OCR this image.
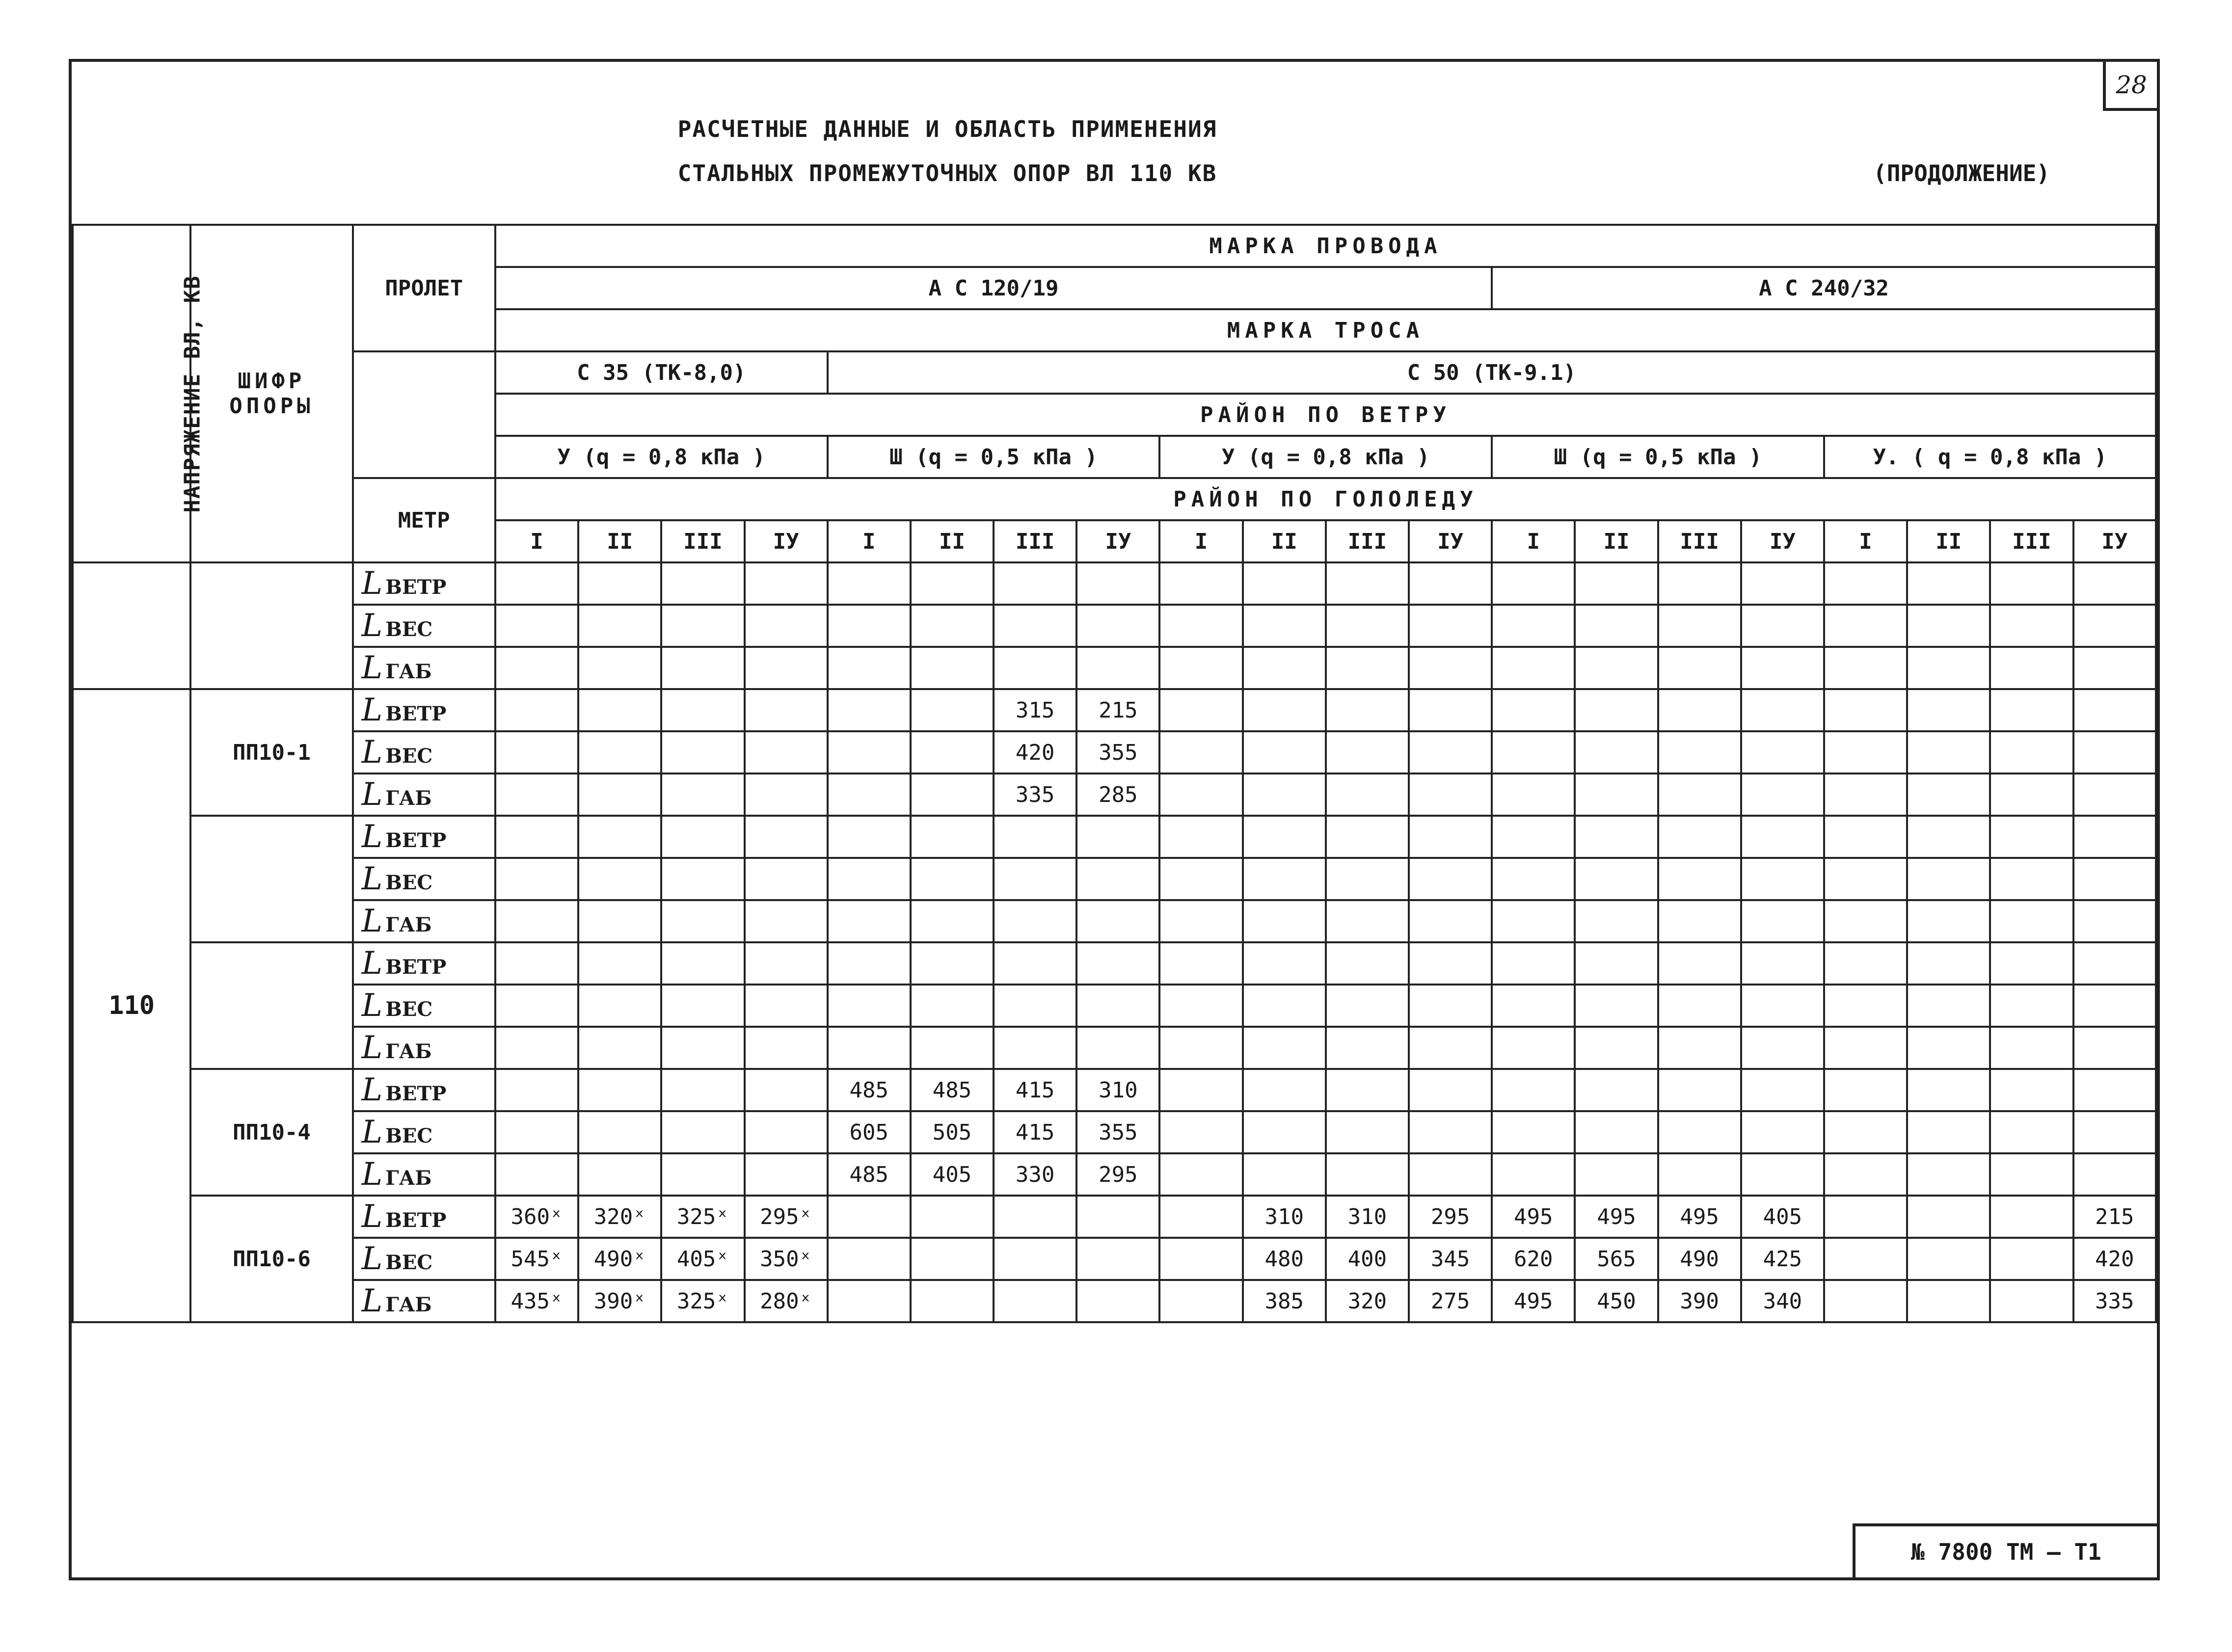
28
РАСЧЕТНЫЕ ДАННЫЕ И ОБЛАСТЬ ПРИМЕНЕНИЯ
СТАЛЬНЫХ ПРОМЕЖУТОЧНЫХ ОПОР ВЛ 110 КВ	(ПРОДОЛЖЕНИЕ)
НАПРЯЖЕНИЕ ВЛ, КВ	ШИФР ОПОРЫ	ПРОЛЕТ	МАРКА ПРОВОДА																			
			А С 120/19												А С 240/32							
			МАРКА ТРОСА																			
			С 35 (ТК-8,0)				С 50 (ТК-9.1)															
			РАЙОН ПО ВЕТРУ																			
			У (q = 0,8 кПа )				Ш (q = 0,5 кПа )				У (q = 0,8 кПа )				Ш (q = 0,5 кПа )				У. ( q = 0,8 кПа )			
		МЕТР	РАЙОН ПО ГОЛОЛЕДУ																			
			I	II	III	IУ	I	II	III	IУ	I	II	III	IУ	I	II	III	IУ	I	II	III	IУ
		L ВЕТР																				
		L ВЕС																				
		L ГАБ																				
110	ПП10-1	L ВЕТР							315	215												
		L ВЕС							420	355												
		L ГАБ							335	285												
		L ВЕТР																				
		L ВЕС																				
		L ГАБ																				
		L ВЕТР																				
		L ВЕС																				
		L ГАБ																				
	ПП10-4	L ВЕТР					485	485	415	310												
		L ВЕС					605	505	415	355												
		L ГАБ					485	405	330	295												
	ПП10-6	L ВЕТР	360ˣ	320ˣ	325ˣ	295ˣ						310	310	295	495	495	495	405				215
		L ВЕС	545ˣ	490ˣ	405ˣ	350ˣ						480	400	345	620	565	490	425				420
		L ГАБ	435ˣ	390ˣ	325ˣ	280ˣ						385	320	275	495	450	390	340				335
№ 7800 ТМ – Т1
